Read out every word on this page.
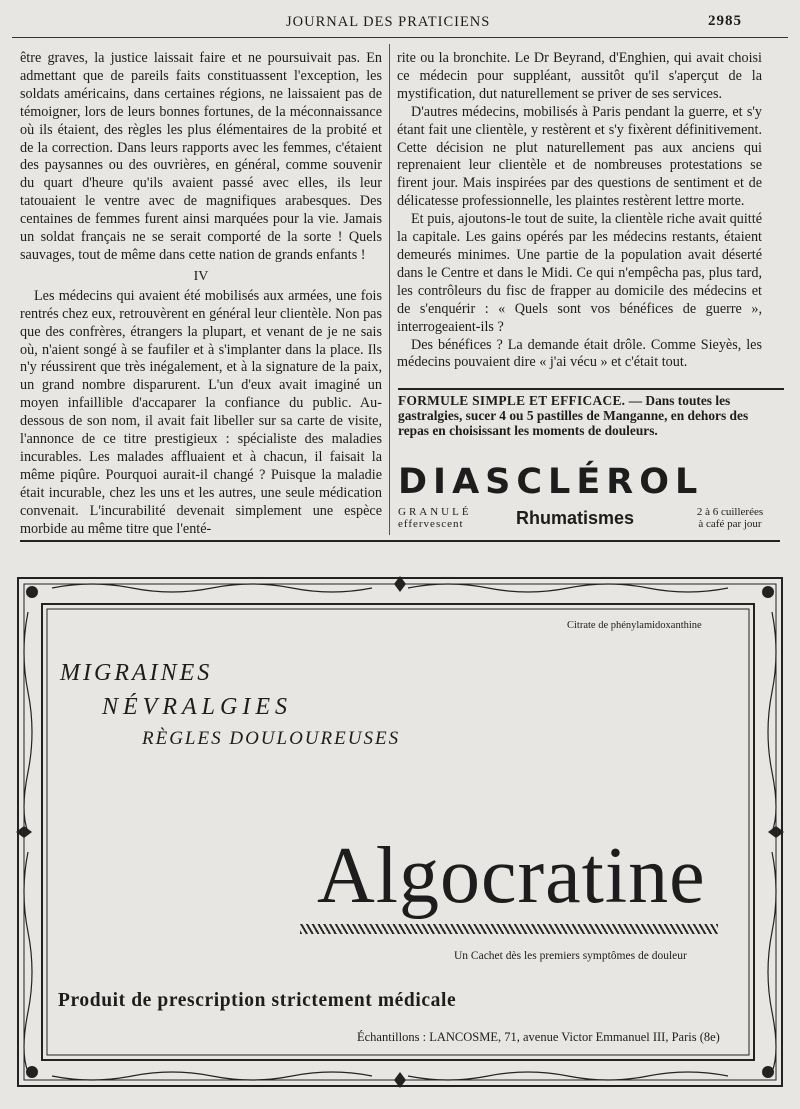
JOURNAL DES PRATICIENS	2985

être graves, la justice laissait faire et ne poursuivait pas. En admettant que de pareils faits constituassent l'exception, les soldats américains, dans certaines régions, ne laissaient pas de témoigner, lors de leurs bonnes fortunes, de la méconnaissance où ils étaient, des règles les plus élémentaires de la probité et de la correction. Dans leurs rapports avec les femmes, c'étaient des paysannes ou des ouvrières, en général, comme souvenir du quart d'heure qu'ils avaient passé avec elles, ils leur tatouaient le ventre avec de magnifiques arabesques. Des centaines de femmes furent ainsi marquées pour la vie. Jamais un soldat français ne se serait comporté de la sorte ! Quels sauvages, tout de même dans cette nation de grands enfants !

IV

Les médecins qui avaient été mobilisés aux armées, une fois rentrés chez eux, retrouvèrent en général leur clientèle. Non pas que des confrères, étrangers la plupart, et venant de je ne sais où, n'aient songé à se faufiler et à s'implanter dans la place. Ils n'y réussirent que très inégalement, et à la signature de la paix, un grand nombre disparurent. L'un d'eux avait imaginé un moyen infaillible d'accaparer la confiance du public. Au-dessous de son nom, il avait fait libeller sur sa carte de visite, l'annonce de ce titre prestigieux : spécialiste des maladies incurables. Les malades affluaient et à chacun, il faisait la même piqûre. Pourquoi aurait-il changé ? Puisque la maladie était incurable, chez les uns et les autres, une seule médication convenait. L'incurabilité devenait simplement une espèce morbide au même titre que l'enté-

rite ou la bronchite. Le Dr Beyrand, d'Enghien, qui avait choisi ce médecin pour suppléant, aussitôt qu'il s'aperçut de la mystification, dut naturellement se priver de ses services.

D'autres médecins, mobilisés à Paris pendant la guerre, et s'y étant fait une clientèle, y restèrent et s'y fixèrent définitivement. Cette décision ne plut naturellement pas aux anciens qui reprenaient leur clientèle et de nombreuses protestations se firent jour. Mais inspirées par des questions de sentiment et de délicatesse professionnelle, les plaintes restèrent lettre morte.

Et puis, ajoutons-le tout de suite, la clientèle riche avait quitté la capitale. Les gains opérés par les médecins restants, étaient demeurés minimes. Une partie de la population avait déserté dans le Centre et dans le Midi. Ce qui n'empêcha pas, plus tard, les contrôleurs du fisc de frapper au domicile des médecins et de s'enquérir : « Quels sont vos bénéfices de guerre », interrogeaient-ils ?

Des bénéfices ? La demande était drôle. Comme Sieyès, les médecins pouvaient dire « j'ai vécu » et c'était tout.

FORMULE SIMPLE ET EFFICACE. — Dans toutes les gastralgies, sucer 4 ou 5 pastilles de Manganne, en dehors des repas en choisissant les moments de douleurs.
DIASCLÉROL
GRANULÉ
effervescent	Rhumatismes	2 à 6 cuillerées
à café par jour
Citrate de phénylamidoxanthine
MIGRAINES
NÉVRALGIES
RÈGLES DOULOUREUSES
Algocratine
Un Cachet dès les premiers symptômes de douleur
Produit de prescription strictement médicale
Échantillons : LANCOSME, 71, avenue Victor Emmanuel III, Paris (8e)
